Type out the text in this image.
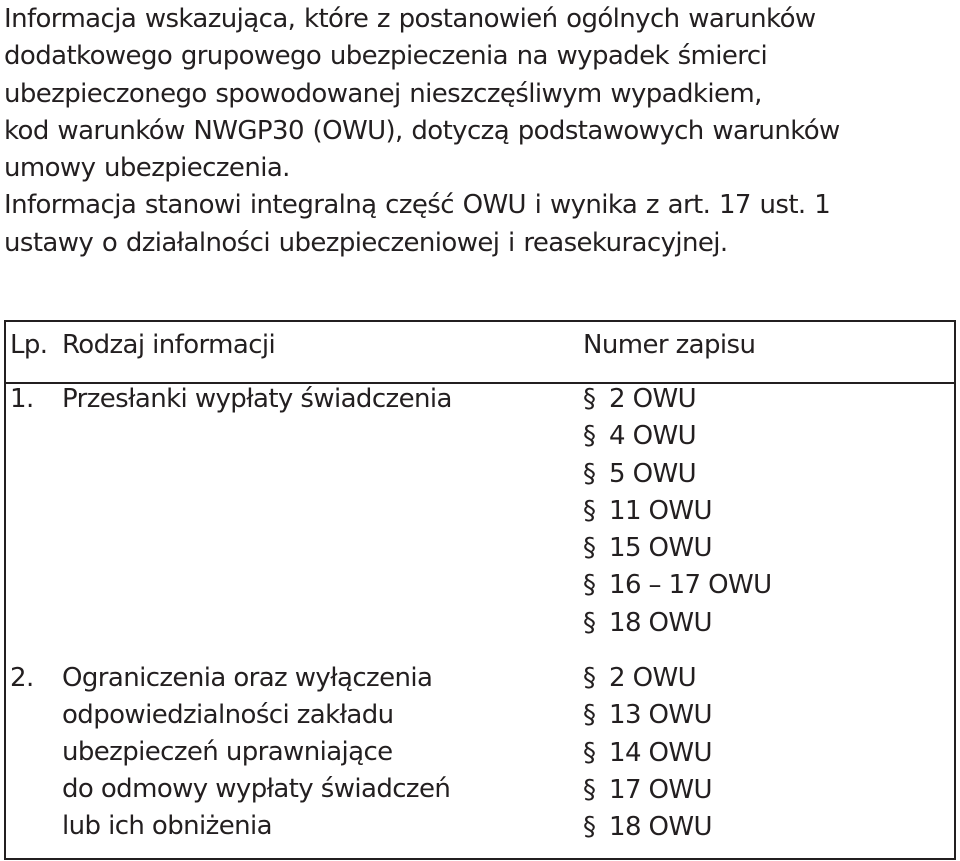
Informacja wskazująca, które z postanowień ogólnych warunków
dodatkowego grupowego ubezpieczenia na wypadek śmierci
ubezpieczonego spowodowanej nieszczęśliwym wypadkiem,
kod warunków NWGP30 (OWU), dotyczą podstawowych warunków
umowy ubezpieczenia.
Informacja stanowi integralną część OWU i wynika z art. 17 ust. 1
ustawy o działalności ubezpieczeniowej i reasekuracyjnej.
Lp. Rodzaj informacji	Numer zapisu
1. Przesłanki wypłaty świadczenia	§ 2 OWU
§ 4 OWU
§ 5 OWU
§ 11 OWU
§ 15 OWU
§ 16 – 17 OWU
§ 18 OWU
2. Ograniczenia oraz wyłączenia
odpowiedzialności zakładu
ubezpieczeń uprawniające
do odmowy wypłaty świadczeń
lub ich obniżenia
§ 2 OWU
§ 13 OWU
§ 14 OWU
§ 17 OWU
§ 18 OWU
